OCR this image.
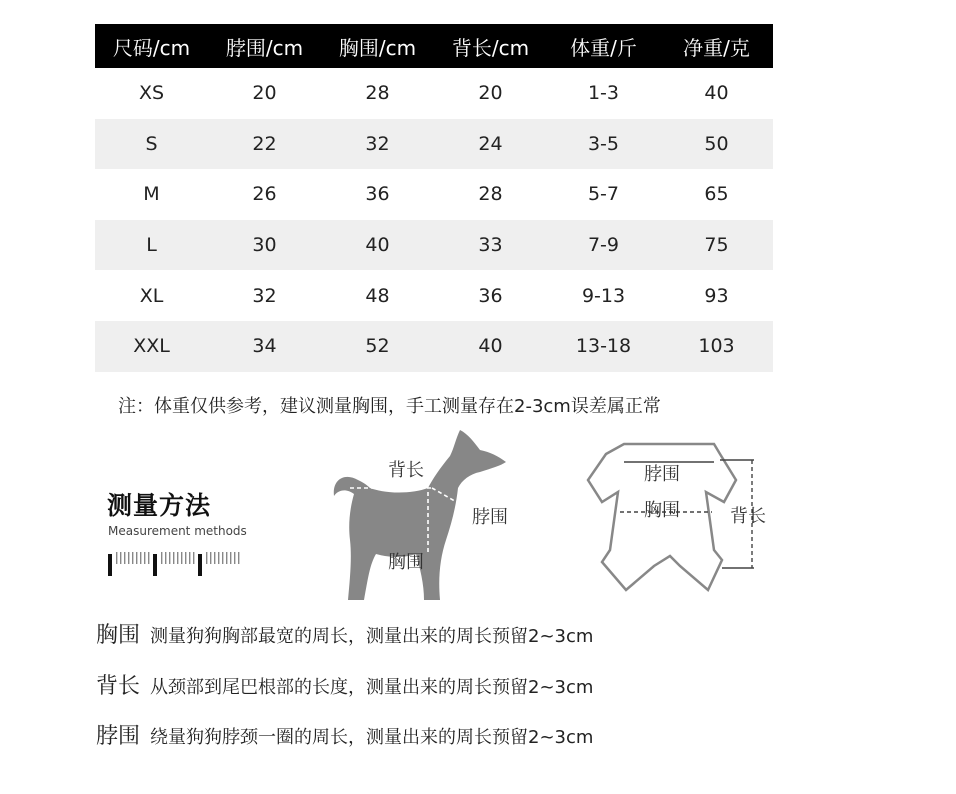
尺码/cm	脖围/cm	胸围/cm	背长/cm	体重/斤	净重/克
XS	20	28	20	1-3	40
S	22	32	24	3-5	50
M	26	36	28	5-7	65
L	30	40	33	7-9	75
XL	32	48	36	9-13	93
XXL	34	52	40	13-18	103
注：体重仅供参考，建议测量胸围，手工测量存在2-3cm误差属正常
测量方法
Measurement methods
背长
脖围
胸围
脖围
胸围	背长
胸围 测量狗狗胸部最宽的周长，测量出来的周长预留2~3cm
背长 从颈部到尾巴根部的长度，测量出来的周长预留2~3cm
脖围 绕量狗狗脖颈一圈的周长，测量出来的周长预留2~3cm
